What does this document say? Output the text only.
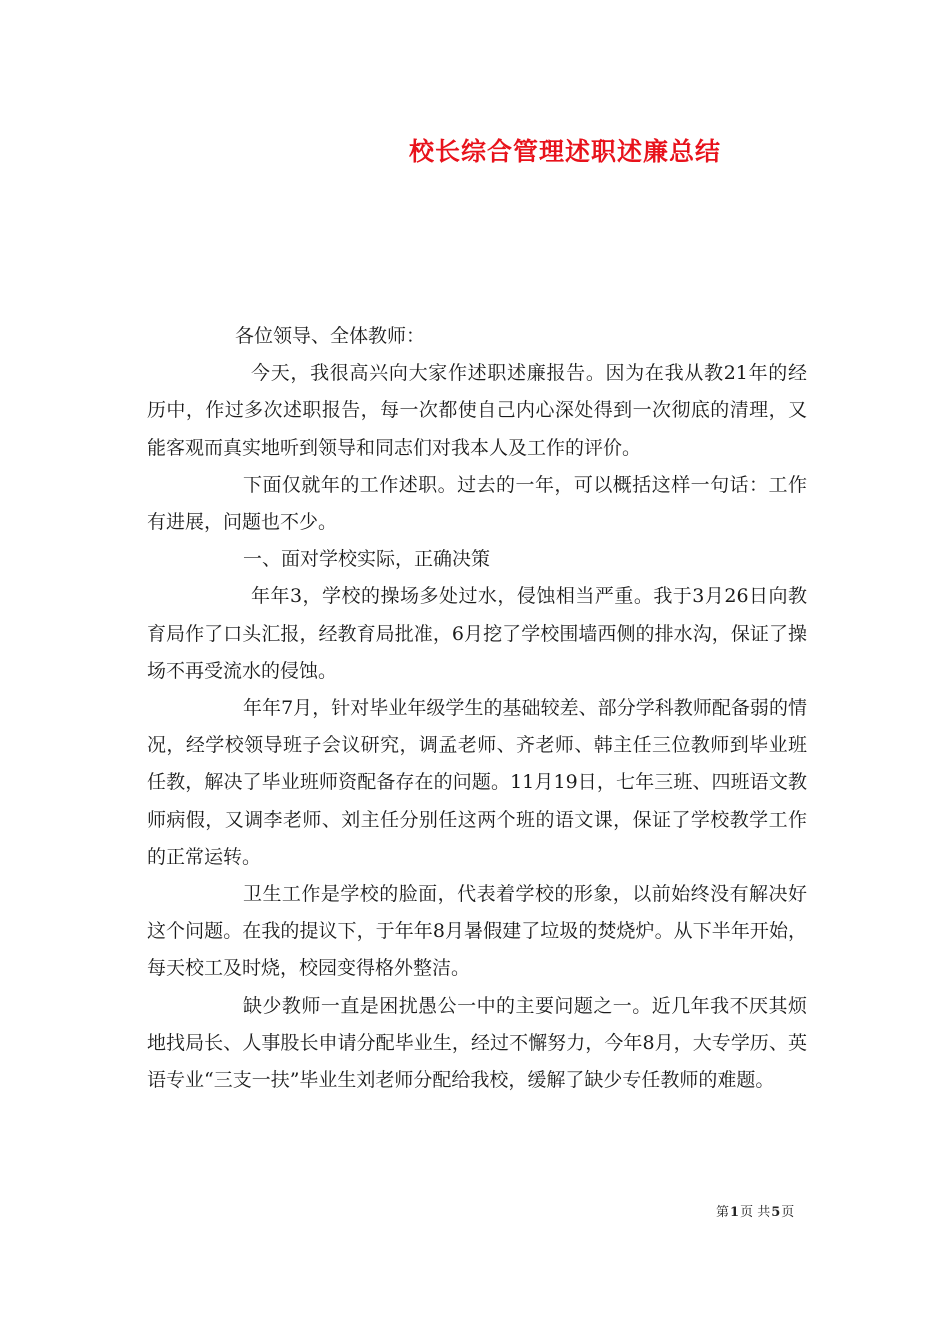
校长综合管理述职述廉总结

各位领导、全体教师：

今天，我很高兴向大家作述职述廉报告。因为在我从教21年的经历中，作过多次述职报告，每一次都使自己内心深处得到一次彻底的清理，又能客观而真实地听到领导和同志们对我本人及工作的评价。

下面仅就年的工作述职。过去的一年，可以概括这样一句话：工作有进展，问题也不少。

一、面对学校实际，正确决策

年年3，学校的操场多处过水，侵蚀相当严重。我于3月26日向教育局作了口头汇报，经教育局批准，6月挖了学校围墙西侧的排水沟，保证了操场不再受流水的侵蚀。

年年7月，针对毕业年级学生的基础较差、部分学科教师配备弱的情况，经学校领导班子会议研究，调孟老师、齐老师、韩主任三位教师到毕业班任教，解决了毕业班师资配备存在的问题。11月19日，七年三班、四班语文教师病假，又调李老师、刘主任分别任这两个班的语文课，保证了学校教学工作的正常运转。

卫生工作是学校的脸面，代表着学校的形象，以前始终没有解决好这个问题。在我的提议下，于年年8月暑假建了垃圾的焚烧炉。从下半年开始，每天校工及时烧，校园变得格外整洁。

缺少教师一直是困扰愚公一中的主要问题之一。近几年我不厌其烦地找局长、人事股长申请分配毕业生，经过不懈努力，今年8月，大专学历、英语专业“三支一扶”毕业生刘老师分配给我校，缓解了缺少专任教师的难题。

第1页 共5页
